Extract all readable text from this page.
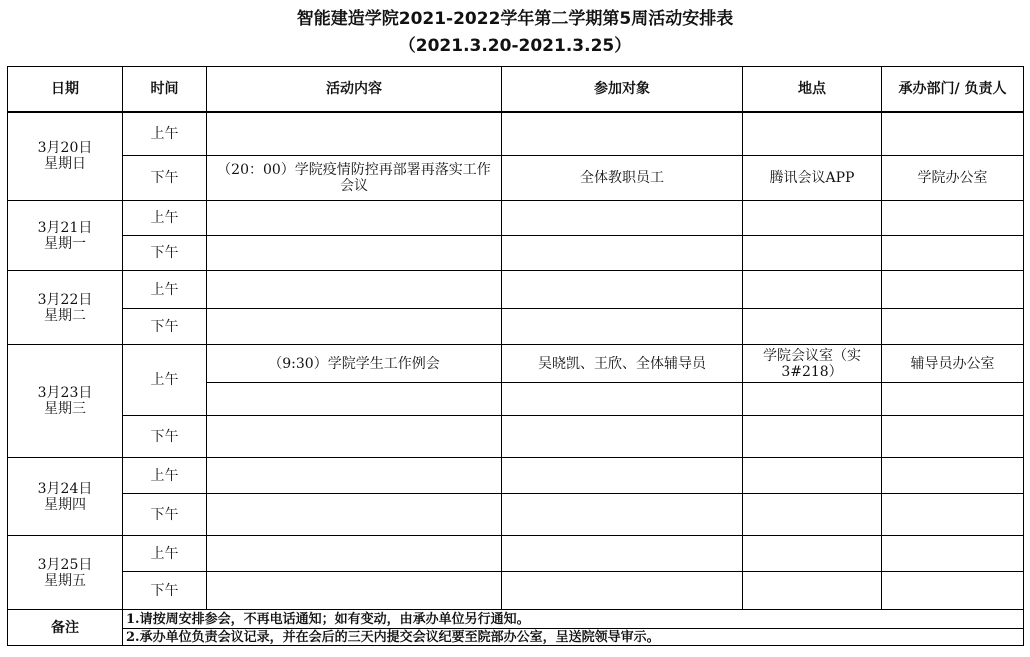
智能建造学院2021-2022学年第二学期第5周活动安排表
（2021.3.20-2021.3.25）
日期	时间	活动内容	参加对象	地点	承办部门/ 负责人

3月20日
星期日	上午				
	下午	（20：00）学院疫情防控再部署再落实工作会议	全体教职员工	腾讯会议APP	学院办公室

3月21日
星期一	上午				
	下午				

3月22日
星期二	上午				
	下午				

3月23日
星期三	上午	（9:30）学院学生工作例会	吴晓凯、王欣、全体辅导员	学院会议室（实3#218）	辅导员办公室

	下午				

3月24日
星期四	上午				
	下午				

3月25日
星期五	上午				
	下午				
备注	1.请按周安排参会，不再电话通知；如有变动，由承办单位另行通知。				
	2.承办单位负责会议记录，并在会后的三天内提交会议纪要至院部办公室，呈送院领导审示。				
